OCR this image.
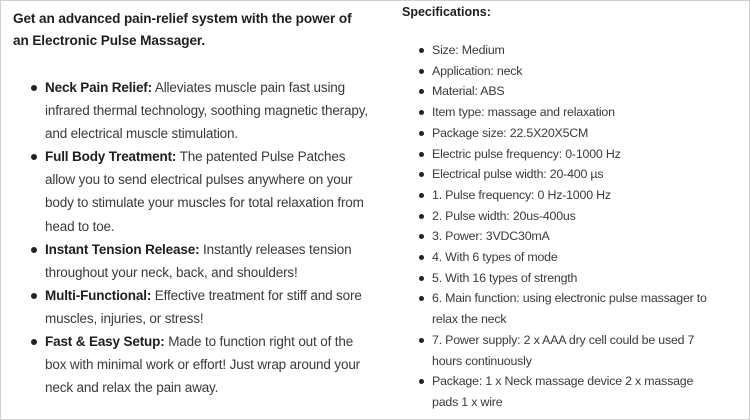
Get an advanced pain-relief system with the power of an Electronic Pulse Massager.

Neck Pain Relief: Alleviates muscle pain fast using infrared thermal technology, soothing magnetic therapy, and electrical muscle stimulation.
Full Body Treatment: The patented Pulse Patches allow you to send electrical pulses anywhere on your body to stimulate your muscles for total relaxation from head to toe.
Instant Tension Release: Instantly releases tension throughout your neck, back, and shoulders!
Multi-Functional: Effective treatment for stiff and sore muscles, injuries, or stress!
Fast & Easy Setup: Made to function right out of the box with minimal work or effort! Just wrap around your neck and relax the pain away.

Specifications:

Size: Medium
Application: neck
Material: ABS
Item type: massage and relaxation
Package size: 22.5X20X5CM
Electric pulse frequency: 0-1000 Hz
Electrical pulse width: 20-400 µs
1. Pulse frequency: 0 Hz-1000 Hz
2. Pulse width: 20us-400us
3. Power: 3VDC30mA
4. With 6 types of mode
5. With 16 types of strength
6. Main function: using electronic pulse massager to relax the neck
7. Power supply: 2 x AAA dry cell could be used 7 hours continuously
Package: 1 x Neck massage device 2 x massage pads 1 x wire
